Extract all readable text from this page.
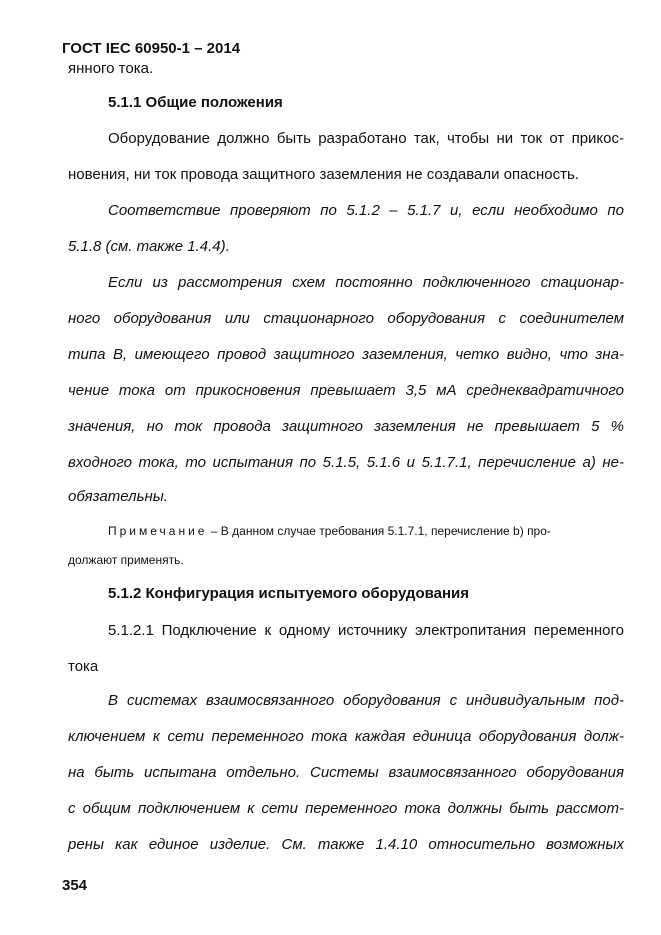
ГОСТ IEC 60950-1 – 2014
янного тока.
5.1.1 Общие положения
Оборудование должно быть разработано так, чтобы ни ток от прикос-
новения, ни ток провода защитного заземления не создавали опасность.
Соответствие проверяют по 5.1.2 – 5.1.7 и, если необходимо по
5.1.8 (см. также 1.4.4).
Если из рассмотрения схем постоянно подключенного стационар-
ного оборудования или стационарного оборудования с соединителем
типа В, имеющего провод защитного заземления, четко видно, что зна-
чение тока от прикосновения превышает 3,5 мА среднеквадратичного
значения, но ток провода защитного заземления не превышает 5 %
входного тока, то испытания по 5.1.5, 5.1.6 и 5.1.7.1, перечисление а) не-
обязательны.
Примечание – В данном случае требования 5.1.7.1, перечисление b) про-
должают применять.
5.1.2 Конфигурация испытуемого оборудования
5.1.2.1 Подключение к одному источнику электропитания переменного
тока
В системах взаимосвязанного оборудования с индивидуальным под-
ключением к сети переменного тока каждая единица оборудования долж-
на быть испытана отдельно. Системы взаимосвязанного оборудования
с общим подключением к сети переменного тока должны быть рассмот-
рены как единое изделие. См. также 1.4.10 относительно возможных
354
